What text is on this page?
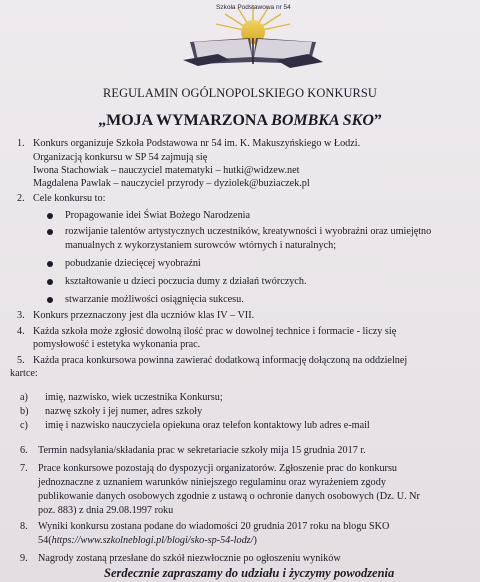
Szkoła Podstawowa nr 54
REGULAMIN OGÓLNOPOLSKIEGO KONKURSU
„MOJA WYMARZONA BOMBKA SKO”
1. Konkurs organizuje Szkoła Podstawowa nr 54 im. K. Makuszyńskiego w Łodzi.
Organizacją konkursu w SP 54 zajmują się
Iwona Stachowiak – nauczyciel matematyki – hutki@widzew.net
Magdalena Pawlak – nauczyciel przyrody – dyziolek@buziaczek.pl
2. Cele konkursu to:
Propagowanie idei Świat Bożego Narodzenia
rozwijanie talentów artystycznych uczestników, kreatywności i wyobraźni oraz umiejętno
manualnych z wykorzystaniem surowców wtórnych i naturalnych;
pobudzanie dziecięcej wyobraźni
kształtowanie u dzieci poczucia dumy z działań twórczych.
stwarzanie możliwości osiągnięcia sukcesu.
3. Konkurs przeznaczony jest dla uczniów klas IV – VII.
4. Każda szkoła może zgłosić dowolną ilość prac w dowolnej technice i formacie - liczy się
pomysłowość i estetyka wykonania prac.
5. Każda praca konkursowa powinna zawierać dodatkową informację dołączoną na oddzielnej
kartce:
a) imię, nazwisko, wiek uczestnika Konkursu;
b) nazwę szkoły i jej numer, adres szkoły
c) imię i nazwisko nauczyciela opiekuna oraz telefon kontaktowy lub adres e-mail
6. Termin nadsyłania/składania prac w sekretariacie szkoły mija 15 grudnia 2017 r.
7. Prace konkursowe pozostają do dyspozycji organizatorów. Zgłoszenie prac do konkursu
jednoznaczne z uznaniem warunków niniejszego regulaminu oraz wyrażeniem zgody
publikowanie danych osobowych zgodnie z ustawą o ochronie danych osobowych (Dz. U. Nr
poz. 883) z dnia 29.08.1997 roku
8. Wyniki konkursu zostana podane do wiadomości 20 grudnia 2017 roku na blogu SKO
54(https://www.szkolneblogi.pl/blogi/sko-sp-54-lodz/)
9. Nagrody zostaną przesłane do szkół niezwłocznie po ogłoszeniu wyników
Serdecznie zapraszamy do udziału i życzymy powodzenia
